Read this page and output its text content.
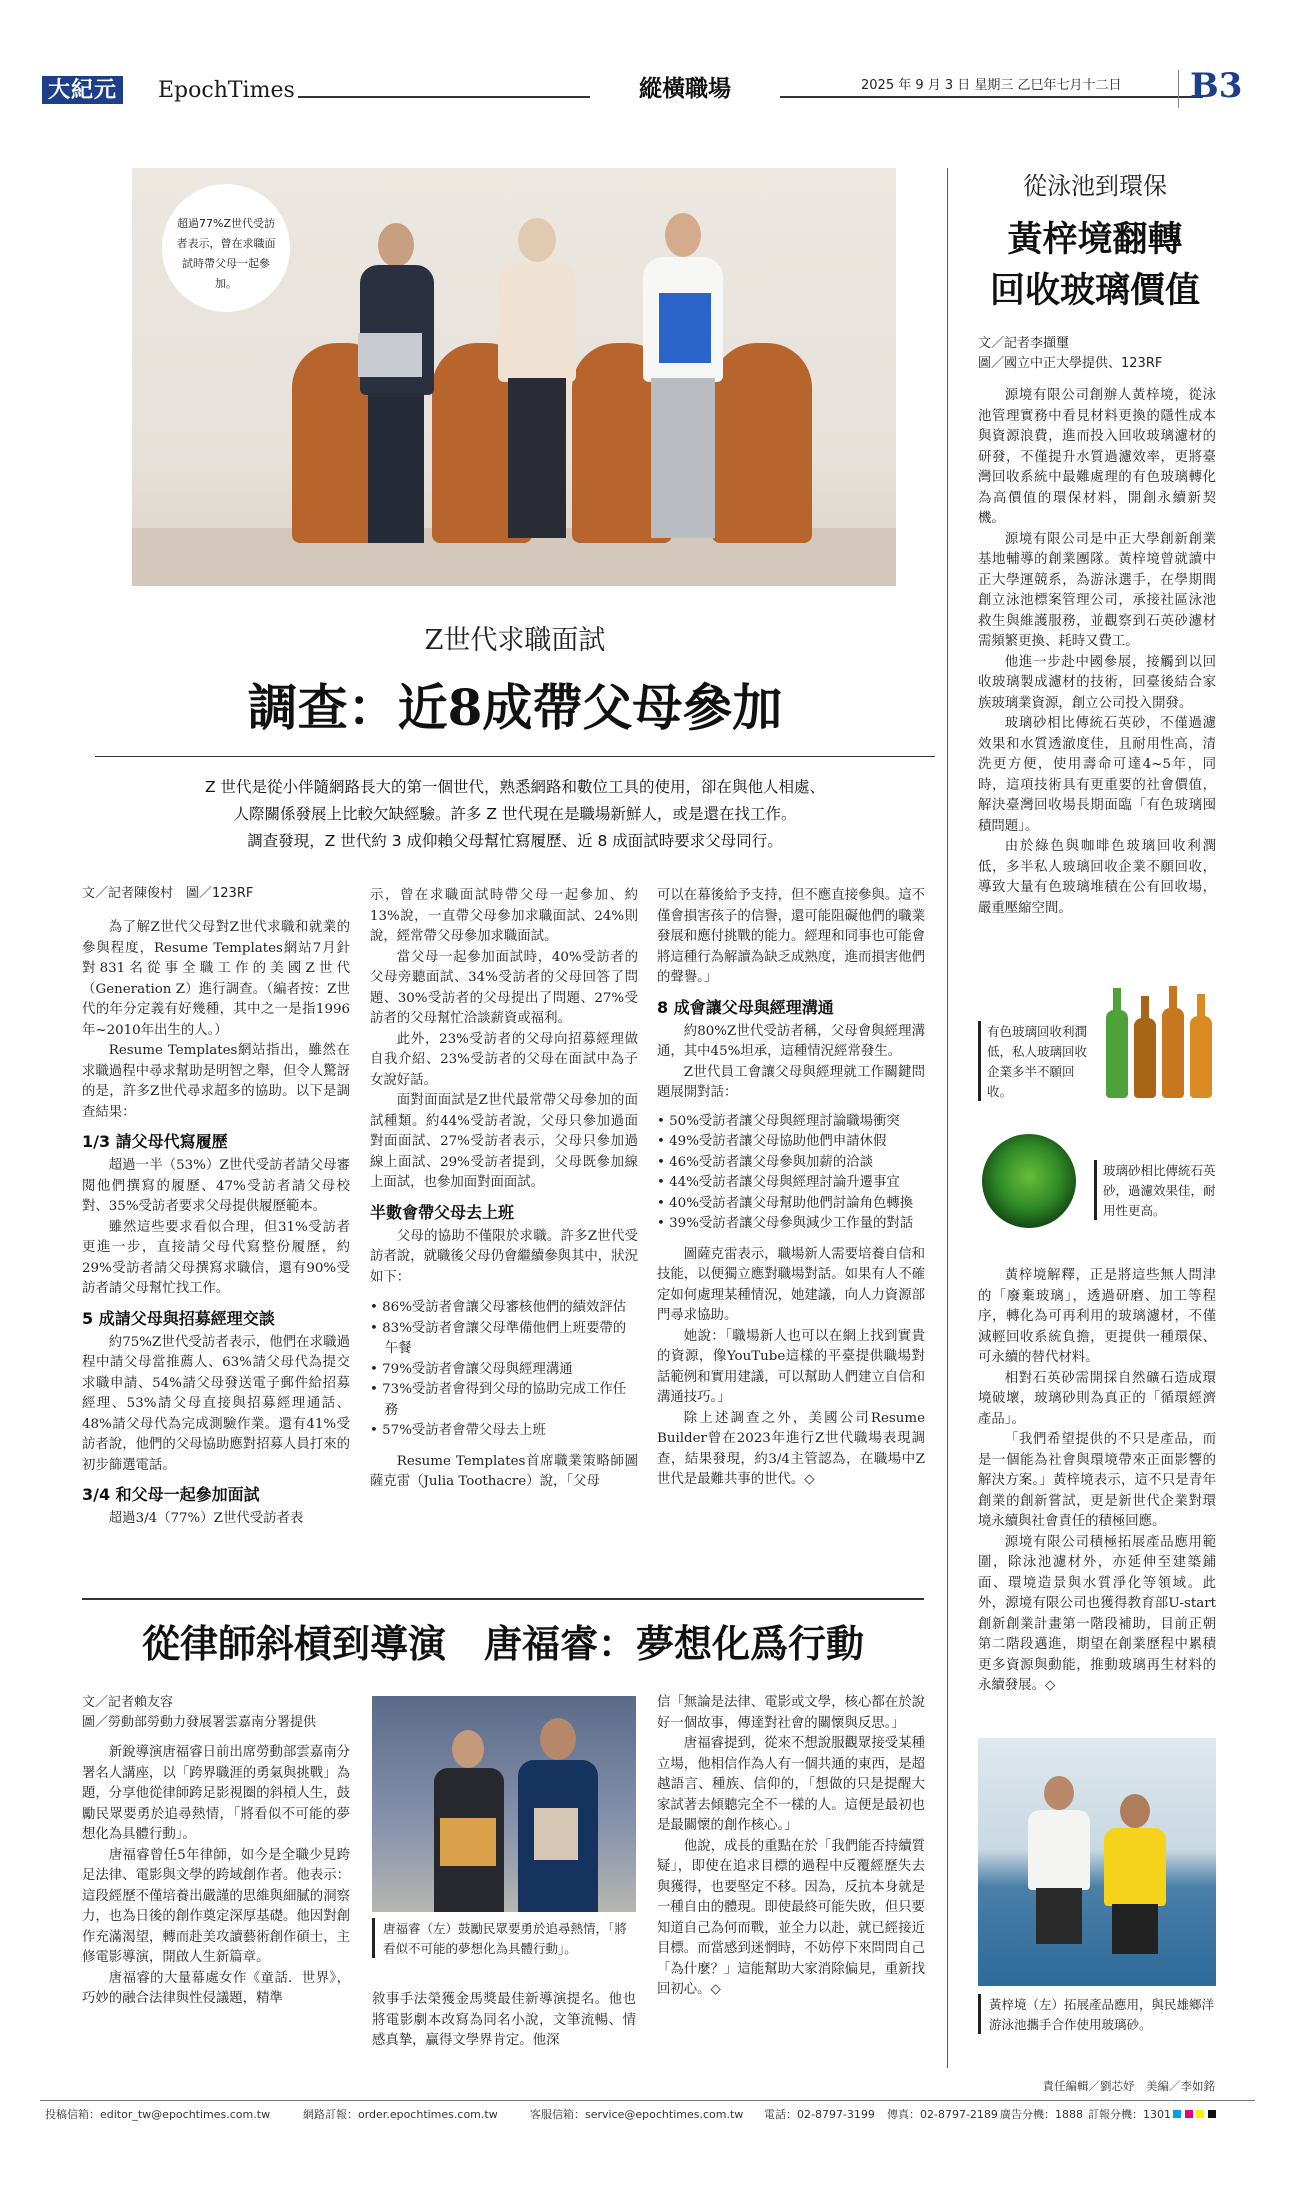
大紀元 EpochTimes	縱橫職場	2025 年 9 月 3 日 星期三 乙巳年七月十二日 B3
超過77%Z世代受訪者表示，曾在求職面試時帶父母一起參加。
Z世代求職面試
調查：近8成帶父母參加
Z 世代是從小伴隨網路長大的第一個世代，熟悉網路和數位工具的使用，卻在與他人相處、
人際關係發展上比較欠缺經驗。許多 Z 世代現在是職場新鮮人，或是還在找工作。
調查發現，Z 世代約 3 成仰賴父母幫忙寫履歷、近 8 成面試時要求父母同行。
文／記者陳俊村　圖／123RF

為了解Z世代父母對Z世代求職和就業的參與程度，Resume Templates網站7月針對831名從事全職工作的美國Z世代（Generation Z）進行調查。（編者按：Z世代的年分定義有好幾種，其中之一是指1996年~2010年出生的人。）

Resume Templates網站指出，雖然在求職過程中尋求幫助是明智之舉，但令人驚訝的是，許多Z世代尋求超多的協助。以下是調查結果：

1/3 請父母代寫履歷

超過一半（53%）Z世代受訪者請父母審閱他們撰寫的履歷、47%受訪者請父母校對、35%受訪者要求父母提供履歷範本。

雖然這些要求看似合理，但31%受訪者更進一步，直接請父母代寫整份履歷，約29%受訪者請父母撰寫求職信，還有90%受訪者請父母幫忙找工作。

5 成請父母與招募經理交談

約75%Z世代受訪者表示，他們在求職過程中請父母當推薦人、63%請父母代為提交求職申請、54%請父母發送電子郵件給招募經理、53%請父母直接與招募經理通話、48%請父母代為完成測驗作業。還有41%受訪者說，他們的父母協助應對招募人員打來的初步篩選電話。

3/4 和父母一起參加面試

超過3/4（77%）Z世代受訪者表

示，曾在求職面試時帶父母一起參加、約13%說，一直帶父母參加求職面試、24%則說，經常帶父母參加求職面試。

當父母一起參加面試時，40%受訪者的父母旁聽面試、34%受訪者的父母回答了問題、30%受訪者的父母提出了問題、27%受訪者的父母幫忙洽談薪資或福利。

此外，23%受訪者的父母向招募經理做自我介紹、23%受訪者的父母在面試中為子女說好話。

面對面面試是Z世代最常帶父母參加的面試種類。約44%受訪者說，父母只參加過面對面面試、27%受訪者表示，父母只參加過線上面試、29%受訪者提到，父母既參加線上面試，也參加面對面面試。

半數會帶父母去上班

父母的協助不僅限於求職。許多Z世代受訪者說，就職後父母仍會繼續參與其中，狀況如下：

• 86%受訪者會讓父母審核他們的績效評估
• 83%受訪者會讓父母準備他們上班要帶的午餐
• 79%受訪者會讓父母與經理溝通
• 73%受訪者會得到父母的協助完成工作任務
• 57%受訪者會帶父母去上班

Resume Templates首席職業策略師圖薩克雷（Julia Toothacre）說，「父母

可以在幕後給予支持，但不應直接參與。這不僅會損害孩子的信譽，還可能阻礙他們的職業發展和應付挑戰的能力。經理和同事也可能會將這種行為解讀為缺乏成熟度，進而損害他們的聲譽。」

8 成會讓父母與經理溝通

約80%Z世代受訪者稱，父母會與經理溝通，其中45%坦承，這種情況經常發生。

Z世代員工會讓父母與經理就工作關鍵問題展開對話：

• 50%受訪者讓父母與經理討論職場衝突
• 49%受訪者讓父母協助他們申請休假
• 46%受訪者讓父母參與加薪的洽談
• 44%受訪者讓父母與經理討論升遷事宜
• 40%受訪者讓父母幫助他們討論角色轉換
• 39%受訪者讓父母參與減少工作量的對話

圖薩克雷表示，職場新人需要培養自信和技能，以便獨立應對職場對話。如果有人不確定如何處理某種情況，她建議，向人力資源部門尋求協助。

她說：「職場新人也可以在網上找到實貴的資源，像YouTube這樣的平臺提供職場對話範例和實用建議，可以幫助人們建立自信和溝通技巧。」

除上述調查之外，美國公司Resume Builder曾在2023年進行Z世代職場表現調查，結果發現，約3/4主管認為，在職場中Z世代是最難共事的世代。◇

從律師斜槓到導演　唐福睿：夢想化爲行動
文／記者賴友容
圖／勞動部勞動力發展署雲嘉南分署提供

新銳導演唐福睿日前出席勞動部雲嘉南分署名人講座，以「跨界職涯的勇氣與挑戰」為題，分享他從律師跨足影視圈的斜槓人生，鼓勵民眾要勇於追尋熱情，「將看似不可能的夢想化為具體行動」。

唐福睿曾任5年律師，如今是全職少見跨足法律、電影與文學的跨域創作者。他表示：這段經歷不僅培養出嚴謹的思維與細膩的洞察力，也為日後的創作奠定深厚基礎。他因對創作充滿渴望，轉而赴美攻讀藝術創作碩士，主修電影導演，開啟人生新篇章。

唐福睿的大量幕處女作《童話．世界》，巧妙的融合法律與性侵議題，精準

唐福睿（左）鼓勵民眾要勇於追尋熱情，「將看似不可能的夢想化為具體行動」。

敘事手法榮獲金馬獎最佳新導演提名。他也將電影劇本改寫為同名小說，文筆流暢、情感真摯，贏得文學界肯定。他深

信「無論是法律、電影或文學，核心都在於說好一個故事，傳達對社會的關懷與反思。」

唐福睿提到，從來不想說服觀眾接受某種立場，他相信作為人有一個共通的東西，是超越語言、種族、信仰的，「想做的只是提醒大家試著去傾聽完全不一樣的人。這便是最初也是最關懷的創作核心。」

他說，成長的重點在於「我們能否持續質疑」，即使在追求目標的過程中反覆經歷失去與獲得，也要堅定不移。因為，反抗本身就是一種自由的體現。即使最終可能失敗，但只要知道自己為何而戰，並全力以赴，就已經接近目標。而當感到迷惘時，不妨停下來問問自己「為什麼？」這能幫助大家消除偏見，重新找回初心。◇

從泳池到環保
黃梓境翻轉
回收玻璃價值
文／記者李擷璽
圖／國立中正大學提供、123RF

源境有限公司創辦人黃梓境，從泳池管理實務中看見材料更換的隱性成本與資源浪費，進而投入回收玻璃濾材的研發，不僅提升水質過濾效率，更將臺灣回收系統中最難處理的有色玻璃轉化為高價值的環保材料，開創永續新契機。

源境有限公司是中正大學創新創業基地輔導的創業團隊。黃梓境曾就讀中正大學運競系，為游泳選手，在學期間創立泳池標案管理公司，承接社區泳池救生與維護服務，並觀察到石英砂濾材需頻繁更換、耗時又費工。

他進一步赴中國參展，接觸到以回收玻璃製成濾材的技術，回臺後結合家族玻璃業資源，創立公司投入開發。

玻璃砂相比傳統石英砂，不僅過濾效果和水質透澈度佳，且耐用性高，清洗更方便，使用壽命可達4~5年，同時，這項技術具有更重要的社會價值，解決臺灣回收場長期面臨「有色玻璃囤積問題」。

由於綠色與咖啡色玻璃回收利潤低，多半私人玻璃回收企業不願回收，導致大量有色玻璃堆積在公有回收場，嚴重壓縮空間。

有色玻璃回收利潤低，私人玻璃回收企業多半不願回收。
玻璃砂相比傳統石英砂，過濾效果佳，耐用性更高。

黃梓境解釋，正是將這些無人問津的「廢棄玻璃」，透過研磨、加工等程序，轉化為可再利用的玻璃濾材，不僅減輕回收系統負擔，更提供一種環保、可永續的替代材料。

相對石英砂需開採自然礦石造成環境破壞，玻璃砂則為真正的「循環經濟產品」。

「我們希望提供的不只是產品，而是一個能為社會與環境帶來正面影響的解決方案。」黃梓境表示，這不只是青年創業的創新嘗試，更是新世代企業對環境永續與社會責任的積極回應。

源境有限公司積極拓展產品應用範圍，除泳池濾材外，亦延伸至建築鋪面、環境造景與水質淨化等領域。此外，源境有限公司也獲得教育部U-start創新創業計畫第一階段補助，目前正朝第二階段邁進，期望在創業歷程中累積更多資源與動能，推動玻璃再生材料的永續發展。◇

黃梓境（左）拓展產品應用，與民雄鄉洋游泳池攜手合作使用玻璃砂。
責任編輯／劉芯妤　美編／李如銘
投稿信箱：editor_tw@epochtimes.com.tw	網路訂報：order.epochtimes.com.tw	客服信箱：service@epochtimes.com.tw 電話：02-8797-3199 傳真：02-8797-2189 廣告分機：1888 訂報分機：1301
